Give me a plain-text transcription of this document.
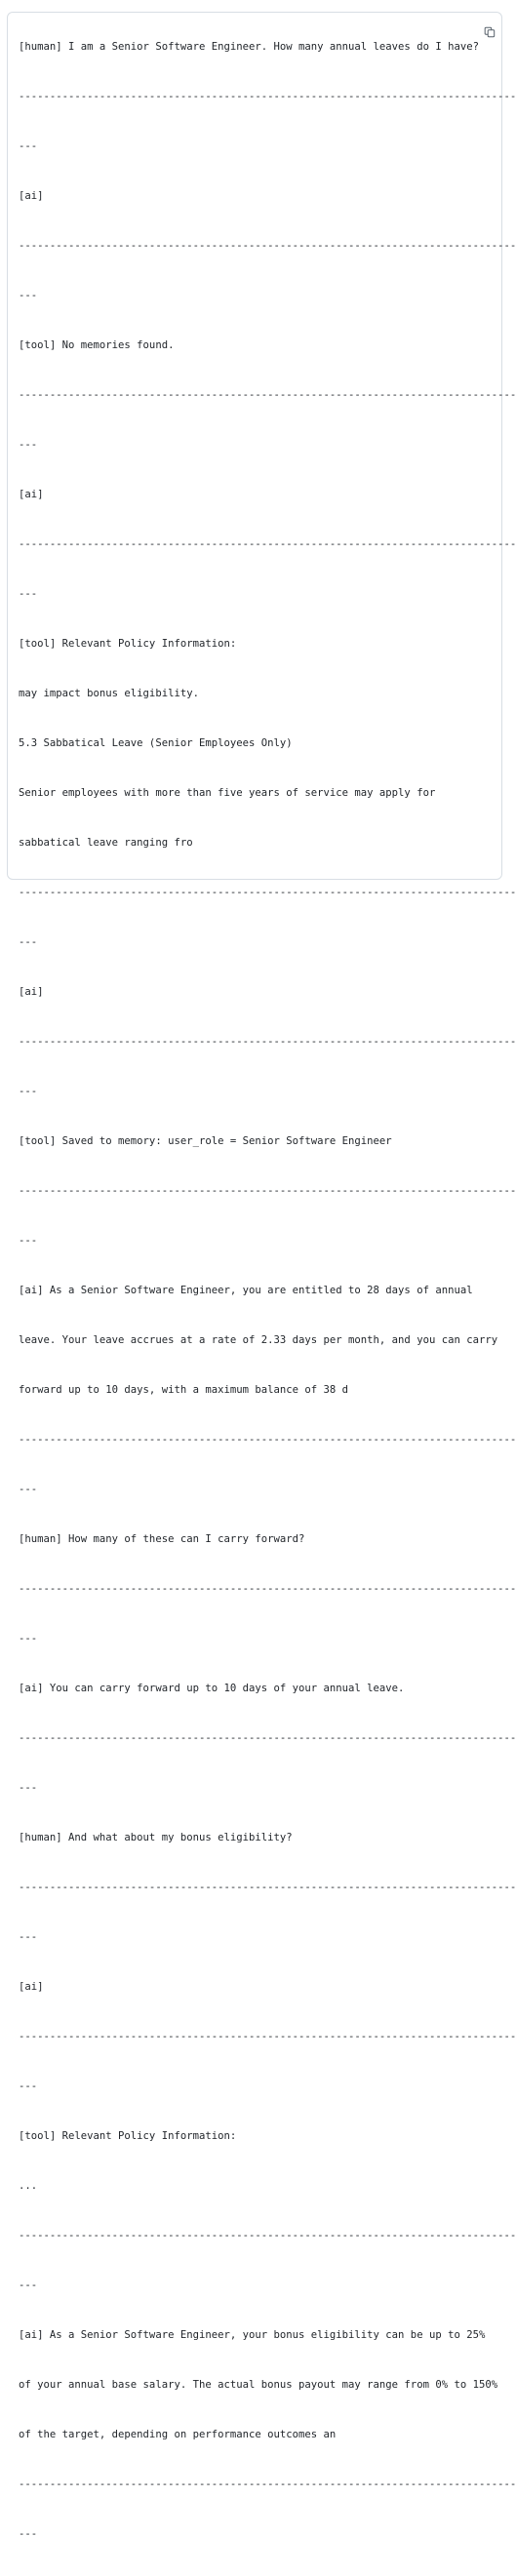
[human] I am a Senior Software Engineer. How many annual leaves do I have?

--------------------------------------------------------------------------------

---

[ai]

--------------------------------------------------------------------------------

---

[tool] No memories found.

--------------------------------------------------------------------------------

---

[ai]

--------------------------------------------------------------------------------

---

[tool] Relevant Policy Information:

may impact bonus eligibility.

5.3 Sabbatical Leave (Senior Employees Only)

Senior employees with more than five years of service may apply for

sabbatical leave ranging fro

--------------------------------------------------------------------------------

---

[ai]

--------------------------------------------------------------------------------

---

[tool] Saved to memory: user_role = Senior Software Engineer

--------------------------------------------------------------------------------

---

[ai] As a Senior Software Engineer, you are entitled to 28 days of annual

leave. Your leave accrues at a rate of 2.33 days per month, and you can carry

forward up to 10 days, with a maximum balance of 38 d

--------------------------------------------------------------------------------

---

[human] How many of these can I carry forward?

--------------------------------------------------------------------------------

---

[ai] You can carry forward up to 10 days of your annual leave.

--------------------------------------------------------------------------------

---

[human] And what about my bonus eligibility?

--------------------------------------------------------------------------------

---

[ai]

--------------------------------------------------------------------------------

---

[tool] Relevant Policy Information:

...

--------------------------------------------------------------------------------

---

[ai] As a Senior Software Engineer, your bonus eligibility can be up to 25%

of your annual base salary. The actual bonus payout may range from 0% to 150%

of the target, depending on performance outcomes an

--------------------------------------------------------------------------------

---
